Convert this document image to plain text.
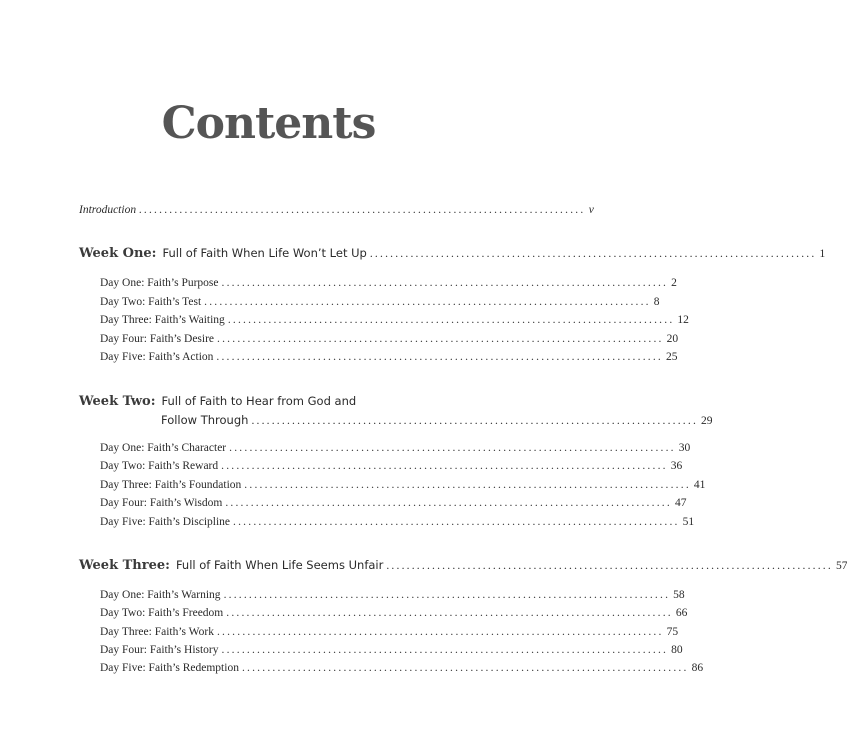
Contents
Introduction ........................................................................................ v
Week One: Full of Faith When Life Won’t Let Up ........................................................................................ 1
Day One: Faith’s Purpose ........................................................................................ 2
Day Two: Faith’s Test ........................................................................................ 8
Day Three: Faith’s Waiting ........................................................................................ 12
Day Four: Faith’s Desire ........................................................................................ 20
Day Five: Faith’s Action ........................................................................................ 25
Week Two: Full of Faith to Hear from God and
Follow Through ........................................................................................ 29
Day One: Faith’s Character ........................................................................................ 30
Day Two: Faith’s Reward ........................................................................................ 36
Day Three: Faith’s Foundation ........................................................................................ 41
Day Four: Faith’s Wisdom ........................................................................................ 47
Day Five: Faith’s Discipline ........................................................................................ 51
Week Three: Full of Faith When Life Seems Unfair ........................................................................................ 57
Day One: Faith’s Warning ........................................................................................ 58
Day Two: Faith’s Freedom ........................................................................................ 66
Day Three: Faith’s Work ........................................................................................ 75
Day Four: Faith’s History ........................................................................................ 80
Day Five: Faith’s Redemption ........................................................................................ 86
